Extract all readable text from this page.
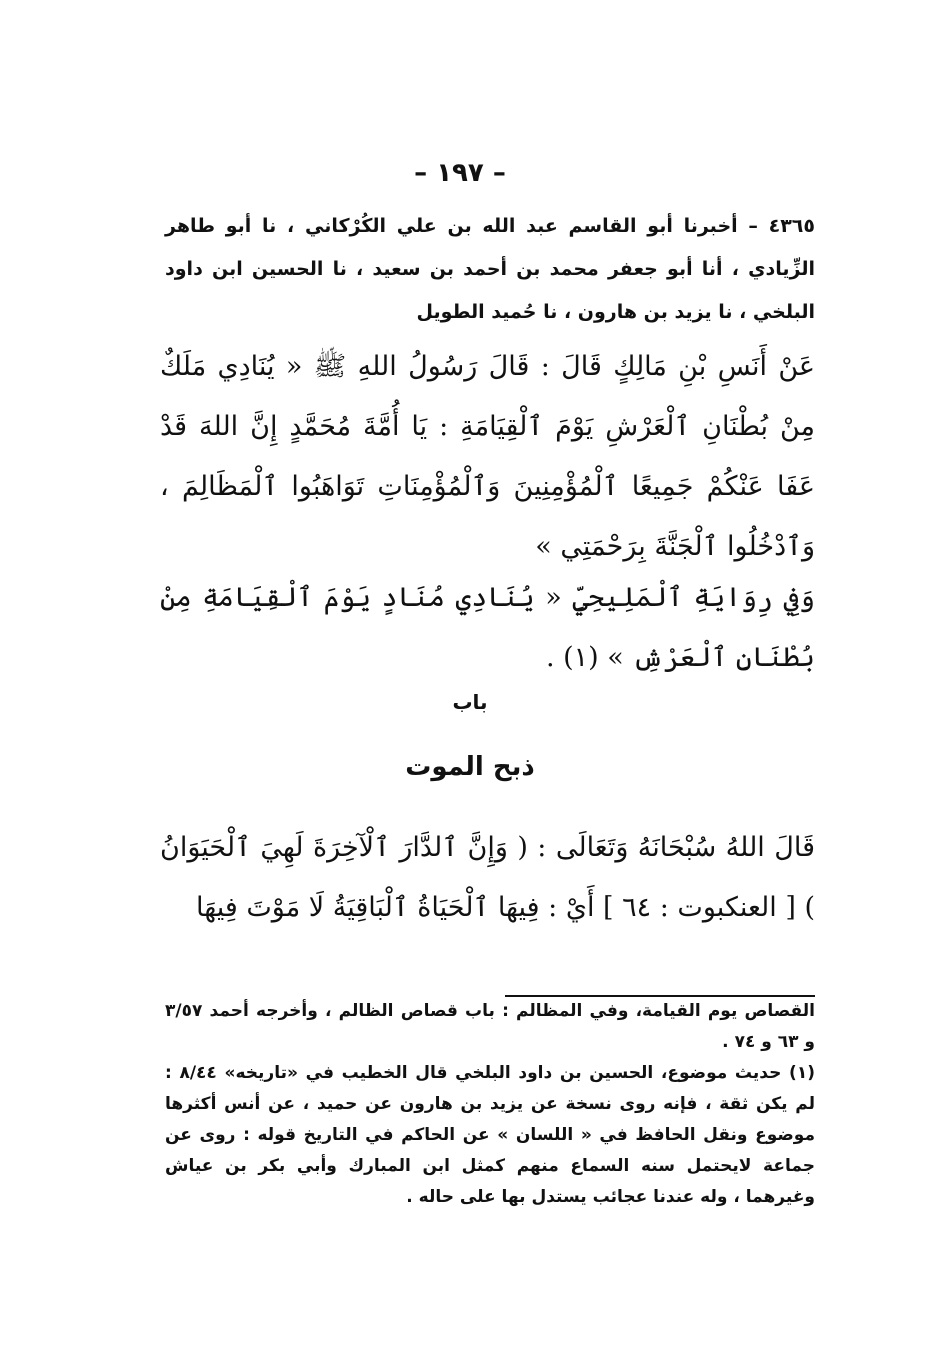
– ١٩٧ –
٤٣٦٥ – أخبرنا أبو القاسم عبد الله بن علي الكُرْكاني ، نا أبو طاهر الزِّيادي ، أنا أبو جعفر محمد بن أحمد بن سعيد ، نا الحسين ابن داود البلخي ، نا يزيد بن هارون ، نا حُميد الطويل
عَنْ أَنَسِ بْنِ مَالِكٍ قَالَ : قَالَ رَسُولُ اللهِ ﷺ « يُنَادِي مَلَكٌ مِنْ بُطْنَانِ ٱلْعَرْشِ يَوْمَ ٱلْقِيَامَةِ : يَا أُمَّةَ مُحَمَّدٍ إِنَّ اللهَ قَدْ عَفَا عَنْكُمْ جَمِيعًا ٱلْمُؤْمِنِينَ وَٱلْمُؤْمِنَاتِ تَوَاهَبُوا ٱلْمَظَالِمَ ، وَٱدْخُلُوا ٱلْجَنَّةَ بِرَحْمَتِي »
وَفِي رِوَايَةِ ٱلْمَلِيحِيِّ « يُنَادِي مُنَادٍ يَوْمَ ٱلْقِيَامَةِ مِنْ بُطْنَانِ ٱلْعَرْشِ » (١) .
باب
ذبح الموت
قَالَ اللهُ سُبْحَانَهُ وَتَعَالَى : ( وَإِنَّ ٱلدَّارَ ٱلْآخِرَةَ لَهِيَ ٱلْحَيَوَانُ ) [ العنكبوت : ٦٤ ] أَيْ : فِيهَا ٱلْحَيَاةُ ٱلْبَاقِيَةُ لَا مَوْتَ فِيهَا
القصاص يوم القيامة، وفي المظالم : باب قصاص الظالم ، وأخرجه أحمد ٣/٥٧ و ٦٣ و ٧٤ .
(١) حديث موضوع، الحسين بن داود البلخي قال الخطيب في «تاريخه» ٨/٤٤ : لم يكن ثقة ، فإنه روى نسخة عن يزيد بن هارون عن حميد ، عن أنس أكثرها موضوع ونقل الحافظ في « اللسان » عن الحاكم في التاريخ قوله : روى عن جماعة لايحتمل سنه السماع منهم كمثل ابن المبارك وأبي بكر بن عياش وغيرهما ، وله عندنا عجائب يستدل بها على حاله .
